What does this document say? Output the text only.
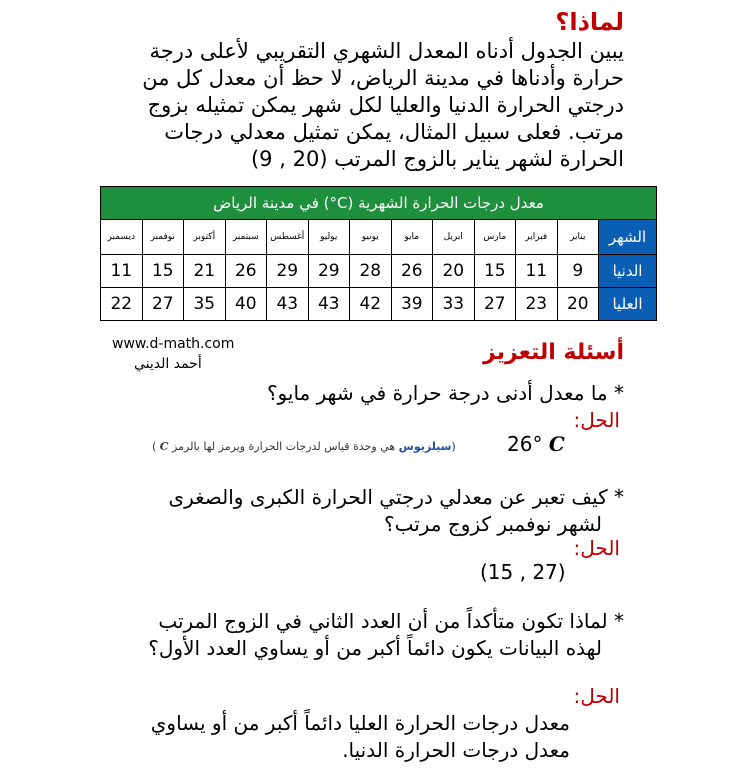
لماذا؟
يبين الجدول أدناه المعدل الشهري التقريبي لأعلى درجة
حرارة وأدناها في مدينة الرياض، لا حظ أن معدل كل من
درجتي الحرارة الدنيا والعليا لكل شهر يمكن تمثيله بزوج
مرتب. فعلى سبيل المثال، يمكن تمثيل معدلي درجات
الحرارة لشهر يناير بالزوج المرتب (20 , 9)
معدل درجات الحرارة الشهرية (C°) في مدينة الرياض												
الشهر	يناير	فبراير	مارس	ابريل	مايو	يونيو	يوليو	أغسطس	سبتمبر	أكتوبر	نوفمبر	ديسمبر
الدنيا	9	11	15	20	26	28	29	29	26	21	15	11
العليا	20	23	27	33	39	42	43	43	40	35	27	22
www.d-math.com
أحمد الديني	أسئلة التعزيز
* ما معدل أدنى درجة حرارة في شهر مايو؟
الحل:
26° C
(سيلزيوس هي وحدة قياس لدرجات الحرارة ويرمز لها بالرمز C )
* كيف تعبر عن معدلي درجتي الحرارة الكبرى والصغرى
لشهر نوفمبر كزوج مرتب؟
الحل:
(15 , 27)
* لماذا تكون متأكداً من أن العدد الثاني في الزوج المرتب
لهذه البيانات يكون دائماً أكبر من أو يساوي العدد الأول؟
الحل:
معدل درجات الحرارة العليا دائماً أكبر من أو يساوي
معدل درجات الحرارة الدنيا.
